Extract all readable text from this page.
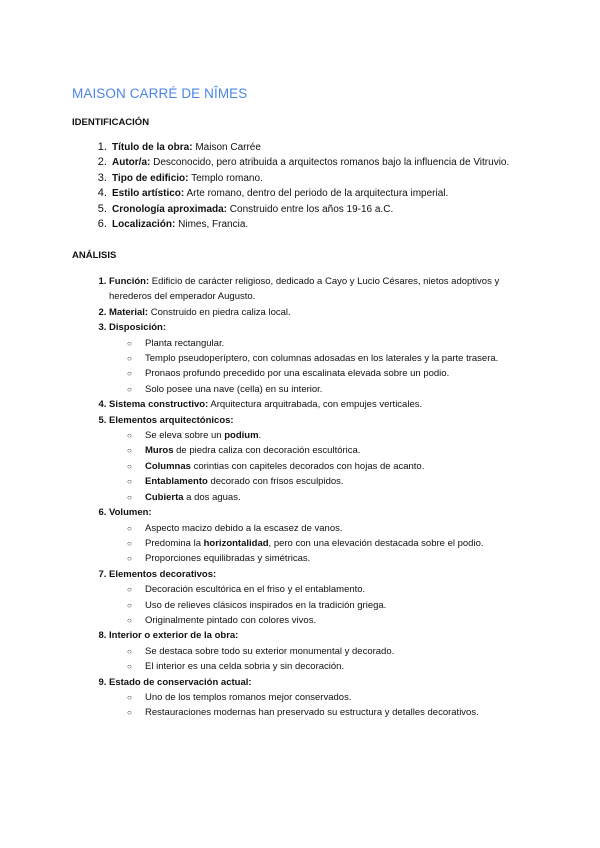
MAISON CARRÉ DE NÎMES
IDENTIFICACIÓN
1. Título de la obra: Maison Carrée
2. Autor/a: Desconocido, pero atribuida a arquitectos romanos bajo la influencia de Vitruvio.
3. Tipo de edificio: Templo romano.
4. Estilo artístico: Arte romano, dentro del periodo de la arquitectura imperial.
5. Cronología aproximada: Construido entre los años 19-16 a.C.
6. Localización: Nimes, Francia.
ANÁLISIS
1. Función: Edificio de carácter religioso, dedicado a Cayo y Lucio Césares, nietos adoptivos y herederos del emperador Augusto.
2. Material: Construido en piedra caliza local.
3. Disposición:
○ Planta rectangular.
○ Templo pseudoperíptero, con columnas adosadas en los laterales y la parte trasera.
○ Pronaos profundo precedido por una escalinata elevada sobre un podio.
○ Solo posee una nave (cella) en su interior.
4. Sistema constructivo: Arquitectura arquitrabada, con empujes verticales.
5. Elementos arquitectónicos:
○ Se eleva sobre un podium.
○ Muros de piedra caliza con decoración escultórica.
○ Columnas corintias con capiteles decorados con hojas de acanto.
○ Entablamento decorado con frisos esculpidos.
○ Cubierta a dos aguas.
6. Volumen:
○ Aspecto macizo debido a la escasez de vanos.
○ Predomina la horizontalidad, pero con una elevación destacada sobre el podio.
○ Proporciones equilibradas y simétricas.
7. Elementos decorativos:
○ Decoración escultórica en el friso y el entablamento.
○ Uso de relieves clásicos inspirados en la tradición griega.
○ Originalmente pintado con colores vivos.
8. Interior o exterior de la obra:
○ Se destaca sobre todo su exterior monumental y decorado.
○ El interior es una celda sobria y sin decoración.
9. Estado de conservación actual:
○ Uno de los templos romanos mejor conservados.
○ Restauraciones modernas han preservado su estructura y detalles decorativos.
